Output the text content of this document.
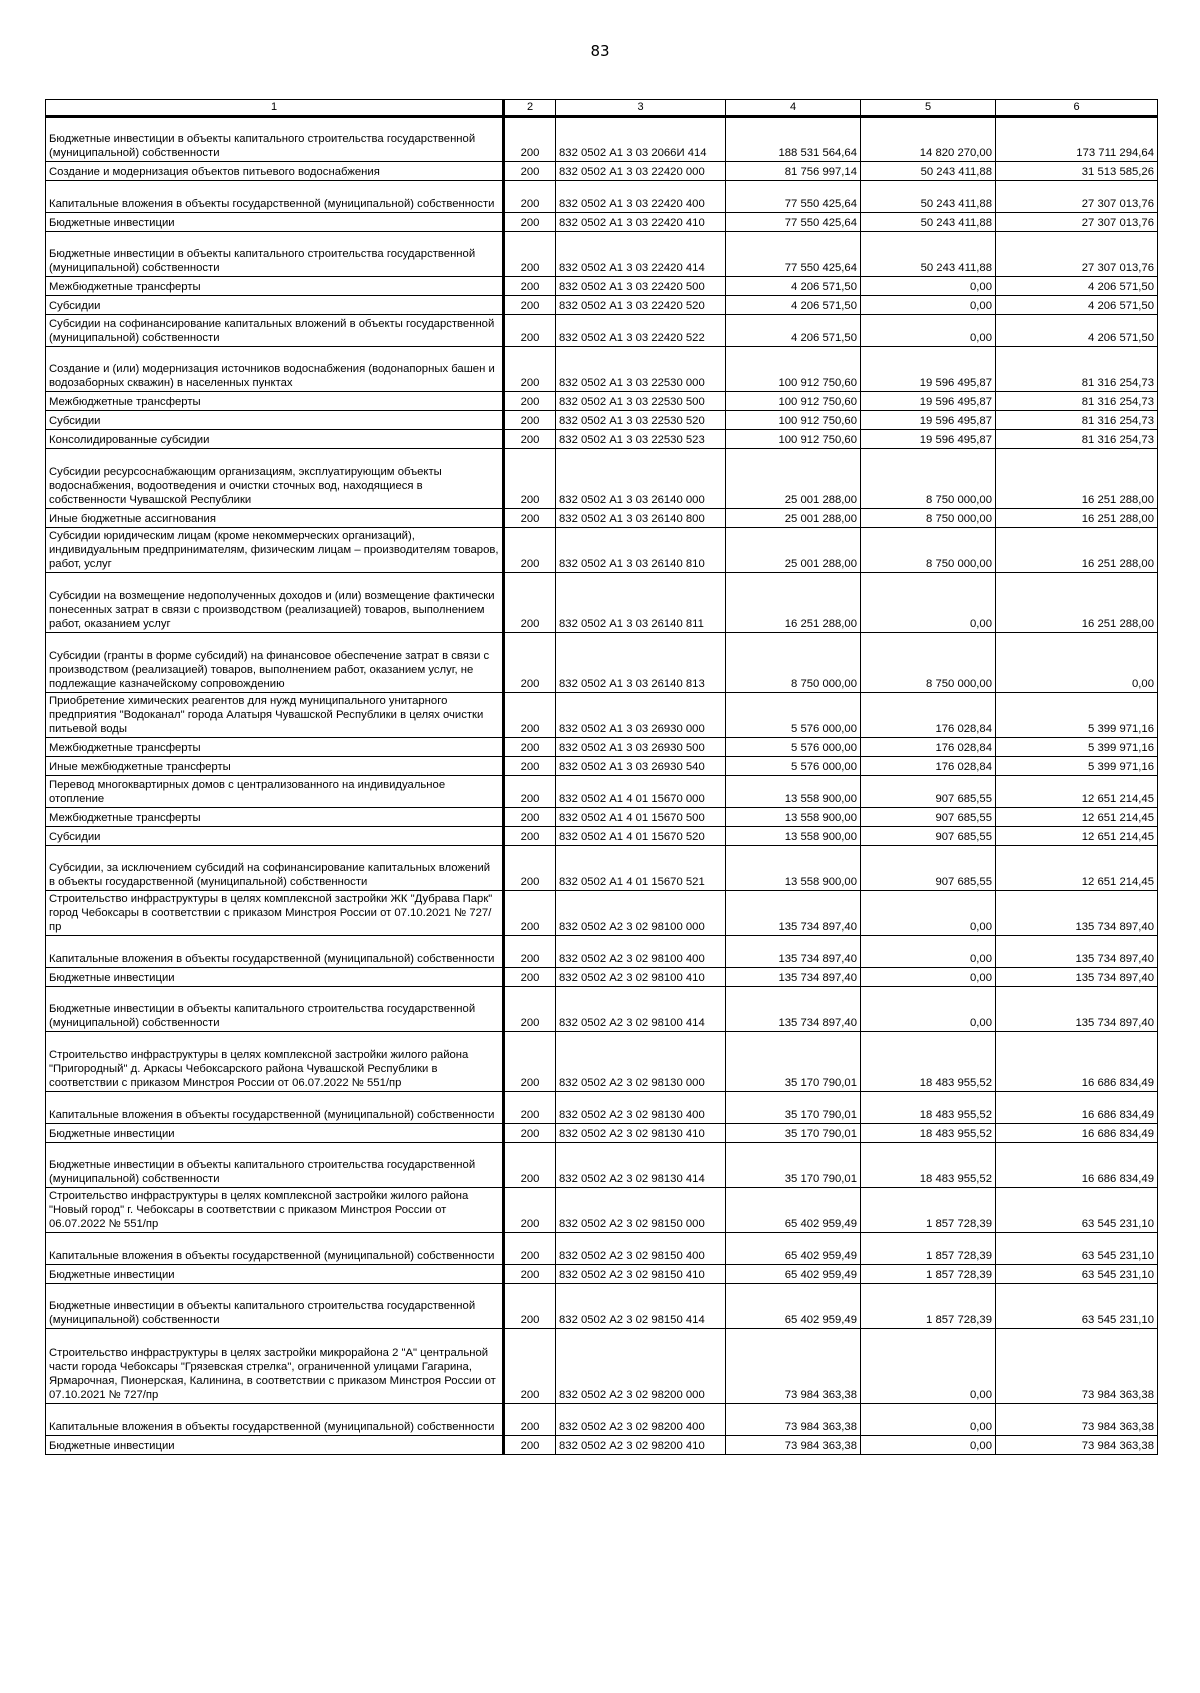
83
1	2	3	4	5	6
Бюджетные инвестиции в объекты капитального строительства государственной (муниципальной) собственности	200	832 0502 А1 3 03 2066И 414	188 531 564,64	14 820 270,00	173 711 294,64
Создание и модернизация объектов питьевого водоснабжения	200	832 0502 А1 3 03 22420 000	81 756 997,14	50 243 411,88	31 513 585,26
Капитальные вложения в объекты государственной (муниципальной) собственности	200	832 0502 А1 3 03 22420 400	77 550 425,64	50 243 411,88	27 307 013,76
Бюджетные инвестиции	200	832 0502 А1 3 03 22420 410	77 550 425,64	50 243 411,88	27 307 013,76
Бюджетные инвестиции в объекты капитального строительства государственной (муниципальной) собственности	200	832 0502 А1 3 03 22420 414	77 550 425,64	50 243 411,88	27 307 013,76
Межбюджетные трансферты	200	832 0502 А1 3 03 22420 500	4 206 571,50	0,00	4 206 571,50
Субсидии	200	832 0502 А1 3 03 22420 520	4 206 571,50	0,00	4 206 571,50
Субсидии на софинансирование капитальных вложений в объекты государственной (муниципальной) собственности	200	832 0502 А1 3 03 22420 522	4 206 571,50	0,00	4 206 571,50
Создание и (или) модернизация источников водоснабжения (водонапорных башен и водозаборных скважин) в населенных пунктах	200	832 0502 А1 3 03 22530 000	100 912 750,60	19 596 495,87	81 316 254,73
Межбюджетные трансферты	200	832 0502 А1 3 03 22530 500	100 912 750,60	19 596 495,87	81 316 254,73
Субсидии	200	832 0502 А1 3 03 22530 520	100 912 750,60	19 596 495,87	81 316 254,73
Консолидированные субсидии	200	832 0502 А1 3 03 22530 523	100 912 750,60	19 596 495,87	81 316 254,73
Субсидии ресурсоснабжающим организациям, эксплуатирующим объекты водоснабжения, водоотведения и очистки сточных вод, находящиеся в собственности Чувашской Республики	200	832 0502 А1 3 03 26140 000	25 001 288,00	8 750 000,00	16 251 288,00
Иные бюджетные ассигнования	200	832 0502 А1 3 03 26140 800	25 001 288,00	8 750 000,00	16 251 288,00
Субсидии юридическим лицам (кроме некоммерческих организаций), индивидуальным предпринимателям, физическим лицам – производителям товаров, работ, услуг	200	832 0502 А1 3 03 26140 810	25 001 288,00	8 750 000,00	16 251 288,00
Субсидии на возмещение недополученных доходов и (или) возмещение фактически понесенных затрат в связи с производством (реализацией) товаров, выполнением работ, оказанием услуг	200	832 0502 А1 3 03 26140 811	16 251 288,00	0,00	16 251 288,00
Субсидии (гранты в форме субсидий) на финансовое обеспечение затрат в связи с производством (реализацией) товаров, выполнением работ, оказанием услуг, не подлежащие казначейскому сопровождению	200	832 0502 А1 3 03 26140 813	8 750 000,00	8 750 000,00	0,00
Приобретение химических реагентов для нужд муниципального унитарного предприятия "Водоканал" города Алатыря Чувашской Республики в целях очистки питьевой воды	200	832 0502 А1 3 03 26930 000	5 576 000,00	176 028,84	5 399 971,16
Межбюджетные трансферты	200	832 0502 А1 3 03 26930 500	5 576 000,00	176 028,84	5 399 971,16
Иные межбюджетные трансферты	200	832 0502 А1 3 03 26930 540	5 576 000,00	176 028,84	5 399 971,16
Перевод многоквартирных домов с централизованного на индивидуальное отопление	200	832 0502 А1 4 01 15670 000	13 558 900,00	907 685,55	12 651 214,45
Межбюджетные трансферты	200	832 0502 А1 4 01 15670 500	13 558 900,00	907 685,55	12 651 214,45
Субсидии	200	832 0502 А1 4 01 15670 520	13 558 900,00	907 685,55	12 651 214,45
Субсидии, за исключением субсидий на софинансирование капитальных вложений в объекты государственной (муниципальной) собственности	200	832 0502 А1 4 01 15670 521	13 558 900,00	907 685,55	12 651 214,45
Строительство инфраструктуры в целях комплексной застройки ЖК "Дубрава Парк" город Чебоксары в соответствии с приказом Минстроя России от 07.10.2021 № 727/пр	200	832 0502 А2 3 02 98100 000	135 734 897,40	0,00	135 734 897,40
Капитальные вложения в объекты государственной (муниципальной) собственности	200	832 0502 А2 3 02 98100 400	135 734 897,40	0,00	135 734 897,40
Бюджетные инвестиции	200	832 0502 А2 3 02 98100 410	135 734 897,40	0,00	135 734 897,40
Бюджетные инвестиции в объекты капитального строительства государственной (муниципальной) собственности	200	832 0502 А2 3 02 98100 414	135 734 897,40	0,00	135 734 897,40
Строительство инфраструктуры в целях комплексной застройки жилого района "Пригородный" д. Аркасы Чебоксарского района Чувашской Республики в соответствии с приказом Минстроя России от 06.07.2022 № 551/пр	200	832 0502 А2 3 02 98130 000	35 170 790,01	18 483 955,52	16 686 834,49
Капитальные вложения в объекты государственной (муниципальной) собственности	200	832 0502 А2 3 02 98130 400	35 170 790,01	18 483 955,52	16 686 834,49
Бюджетные инвестиции	200	832 0502 А2 3 02 98130 410	35 170 790,01	18 483 955,52	16 686 834,49
Бюджетные инвестиции в объекты капитального строительства государственной (муниципальной) собственности	200	832 0502 А2 3 02 98130 414	35 170 790,01	18 483 955,52	16 686 834,49
Строительство инфраструктуры в целях комплексной застройки жилого района "Новый город" г. Чебоксары в соответствии с приказом Минстроя России от 06.07.2022 № 551/пр	200	832 0502 А2 3 02 98150 000	65 402 959,49	1 857 728,39	63 545 231,10
Капитальные вложения в объекты государственной (муниципальной) собственности	200	832 0502 А2 3 02 98150 400	65 402 959,49	1 857 728,39	63 545 231,10
Бюджетные инвестиции	200	832 0502 А2 3 02 98150 410	65 402 959,49	1 857 728,39	63 545 231,10
Бюджетные инвестиции в объекты капитального строительства государственной (муниципальной) собственности	200	832 0502 А2 3 02 98150 414	65 402 959,49	1 857 728,39	63 545 231,10
Строительство инфраструктуры в целях застройки микрорайона 2 "А" центральной части города Чебоксары "Грязевская стрелка", ограниченной улицами Гагарина, Ярмарочная, Пионерская, Калинина, в соответствии с приказом Минстроя России от 07.10.2021 № 727/пр	200	832 0502 А2 3 02 98200 000	73 984 363,38	0,00	73 984 363,38
Капитальные вложения в объекты государственной (муниципальной) собственности	200	832 0502 А2 3 02 98200 400	73 984 363,38	0,00	73 984 363,38
Бюджетные инвестиции	200	832 0502 А2 3 02 98200 410	73 984 363,38	0,00	73 984 363,38
